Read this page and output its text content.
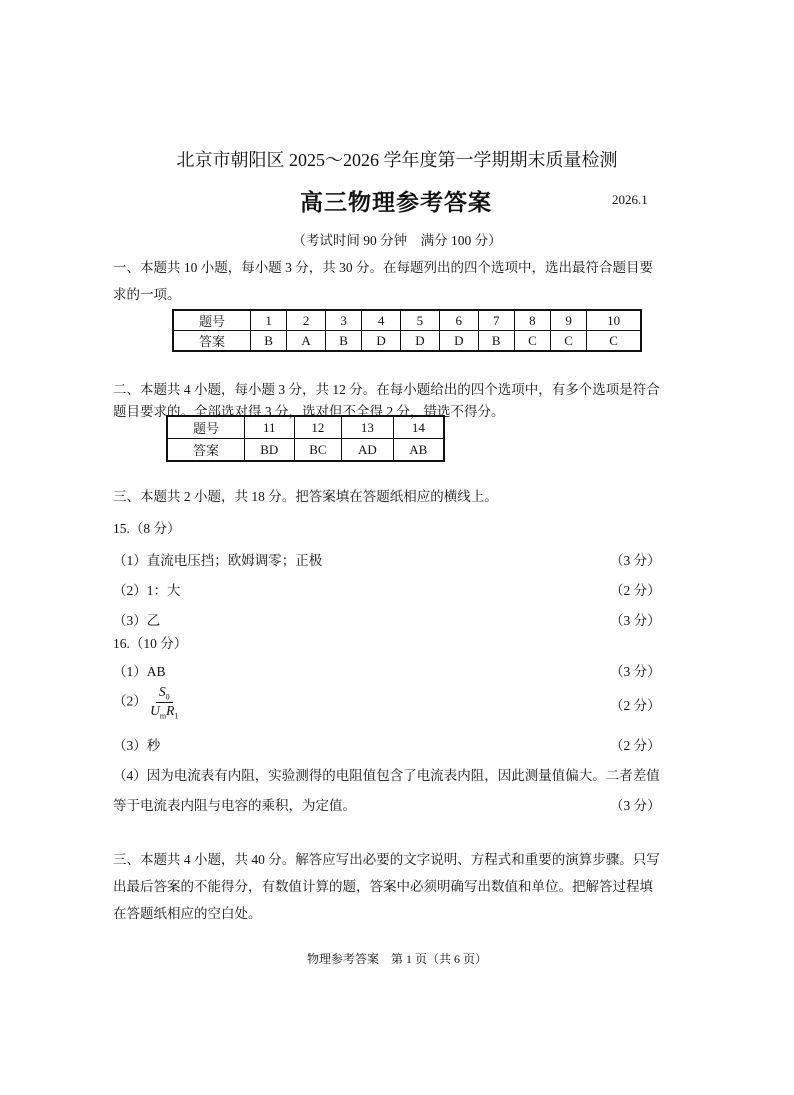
北京市朝阳区 2025～2026 学年度第一学期期末质量检测
高三物理参考答案	2026.1
（考试时间 90 分钟　满分 100 分）
一、本题共 10 小题，每小题 3 分，共 30 分。在每题列出的四个选项中，选出最符合题目要
求的一项。
题号	1	2	3	4	5	6	7	8	9	10
答案	B	A	B	D	D	D	B	C	C	C
二、本题共 4 小题，每小题 3 分，共 12 分。在每小题给出的四个选项中，有多个选项是符合
题目要求的。全部选对得 3 分，选对但不全得 2 分，错选不得分。
题号	11	12	13	14
答案	BD	BC	AD	AB
三、本题共 2 小题，共 18 分。把答案填在答题纸相应的横线上。
15.（8 分）
（1）直流电压挡；欧姆调零；正极	（3 分）
（2）1：大	（2 分）
（3）乙	（3 分）
16.（10 分）
（1）AB	（3 分）
$(2) \frac{S_0}{U_mR_1}$	（2 分）
（3）秒	（2 分）
（4）因为电流表有内阻，实验测得的电阻值包含了电流表内阻，因此测量值偏大。二者差值
等于电流表内阻与电容的乘积，为定值。	（3 分）
三、本题共 4 小题，共 40 分。解答应写出必要的文字说明、方程式和重要的演算步骤。只写
出最后答案的不能得分，有数值计算的题，答案中必须明确写出数值和单位。把解答过程填
在答题纸相应的空白处。
物理参考答案　第 1 页（共 6 页）
